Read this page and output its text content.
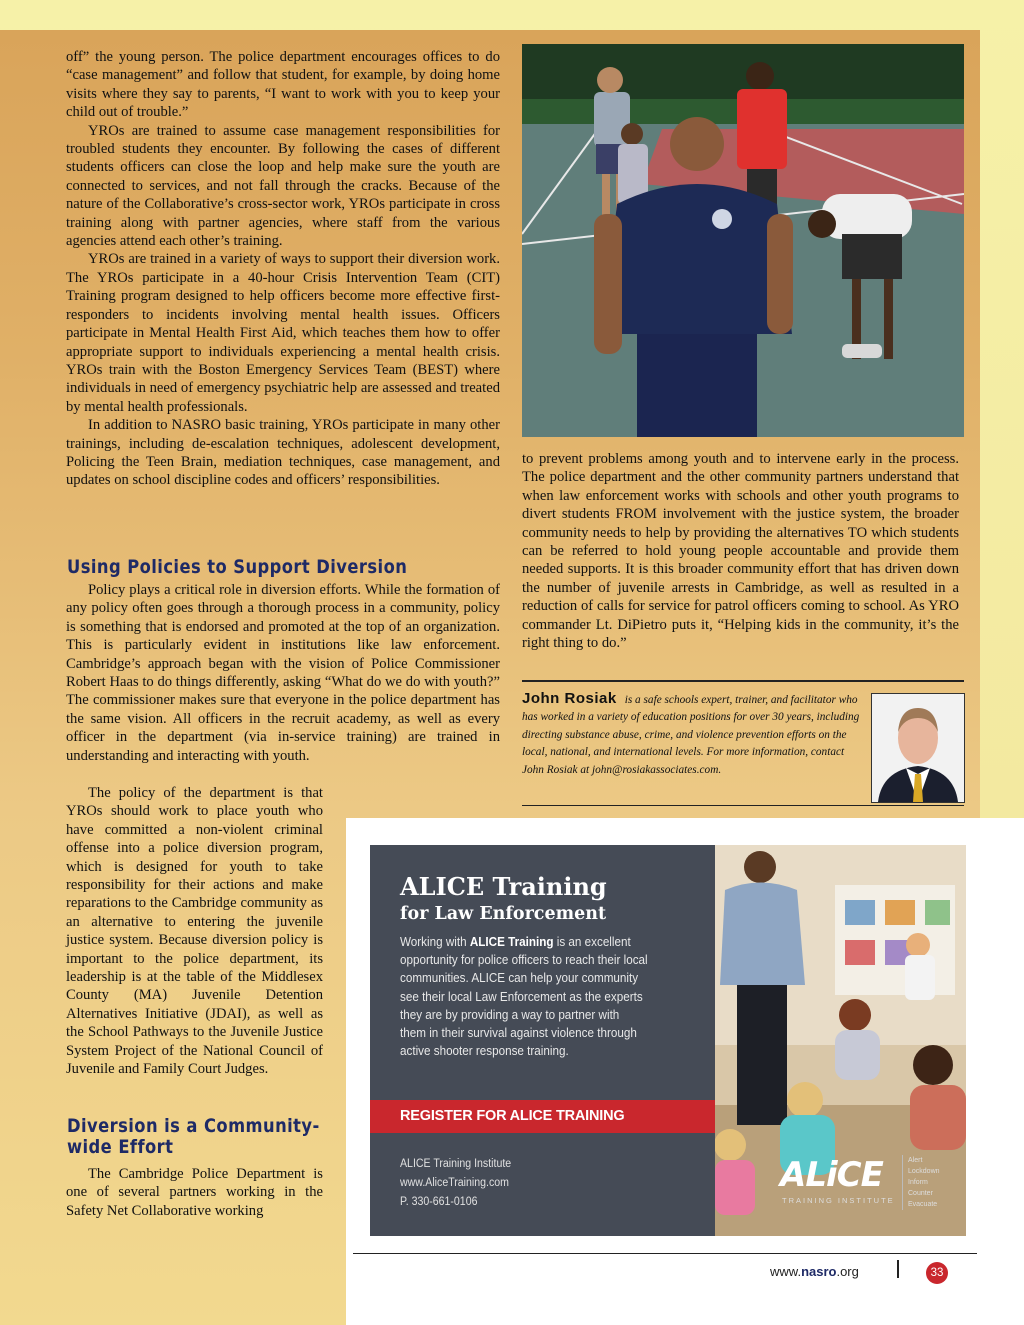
off” the young person. The police department encourages offices to do “case management” and follow that student, for example, by doing home visits where they say to parents, “I want to work with you to keep your child out of trouble.”

YROs are trained to assume case management responsibilities for troubled students they encounter. By following the cases of different students officers can close the loop and help make sure the youth are connected to services, and not fall through the cracks. Because of the nature of the Collaborative’s cross-sector work, YROs participate in cross training along with partner agencies, where staff from the various agencies attend each other’s training.

YROs are trained in a variety of ways to support their diversion work. The YROs participate in a 40-hour Crisis Intervention Team (CIT) Training program designed to help officers become more effective first-responders to incidents involving mental health issues. Officers participate in Mental Health First Aid, which teaches them how to offer appropriate support to individuals experiencing a mental health crisis. YROs train with the Boston Emergency Services Team (BEST) where individuals in need of emergency psychiatric help are assessed and treated by mental health professionals.

In addition to NASRO basic training, YROs participate in many other trainings, including de-escalation techniques, adolescent development, Policing the Teen Brain, mediation techniques, case management, and updates on school discipline codes and officers’ responsibilities.

Using Policies to Support Diversion

Policy plays a critical role in diversion efforts. While the formation of any policy often goes through a thorough process in a community, policy is something that is endorsed and promoted at the top of an organization. This is particularly evident in institutions like law enforcement. Cambridge’s approach began with the vision of Police Commissioner Robert Haas to do things differently, asking “What do we do with youth?” The commissioner makes sure that everyone in the police department has the same vision. All officers in the recruit academy, as well as every officer in the department (via in-service training) are trained in understanding and interacting with youth.

The policy of the department is that YROs should work to place youth who have committed a non-violent criminal offense into a police diversion program, which is designed for youth to take responsibility for their actions and make reparations to the Cambridge community as an alternative to entering the juvenile justice system. Because diversion policy is important to the police department, its leadership is at the table of the Middlesex County (MA) Juvenile Detention Alternatives Initiative (JDAI), as well as the School Pathways to the Juvenile Justice System Project of the National Council of Juvenile and Family Court Judges.

Diversion is a Community-wide Effort

The Cambridge Police Department is one of several partners working in the Safety Net Collaborative working

to prevent problems among youth and to intervene early in the process. The police department and the other community partners understand that when law enforcement works with schools and other youth programs to divert students FROM involvement with the justice system, the broader community needs to help by providing the alternatives TO which students can be referred to hold young people accountable and provide them needed supports. It is this broader community effort that has driven down the number of juvenile arrests in Cambridge, as well as resulted in a reduction of calls for service for patrol officers coming to school. As YRO commander Lt. DiPietro puts it, “Helping kids in the community, it’s the right thing to do.”

John Rosiak is a safe schools expert, trainer, and facilitator who has worked in a variety of education positions for over 30 years, including directing substance abuse, crime, and violence prevention efforts on the local, national, and international levels. For more information, contact John Rosiak at john@rosiakassociates.com.

ALICE Training
for Law Enforcement

Working with ALICE Training is an excellent opportunity for police officers to reach their local communities. ALICE can help your community see their local Law Enforcement as the experts they are by providing a way to partner with them in their survival against violence through active shooter response training.

REGISTER FOR ALICE TRAINING

ALICE Training Institute
www.AliceTraining.com
P. 330-661-0106

ALiCE

TRAINING INSTITUTE

Alert
Lockdown
Inform
Counter
Evacuate

www.nasro.org	33
